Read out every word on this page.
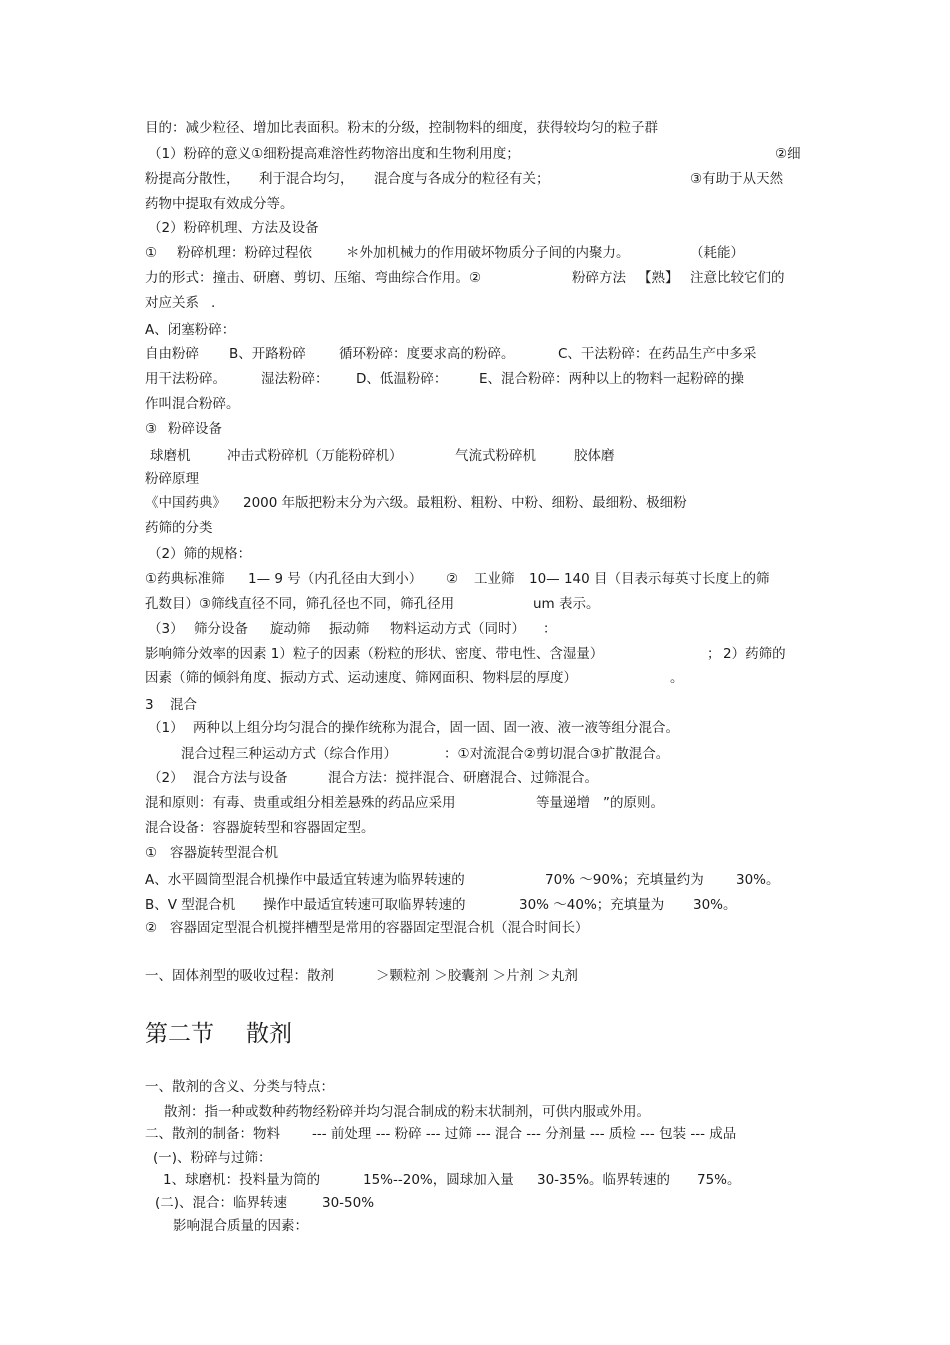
目的：减少粒径、增加比表面积。粉末的分级，控制物料的细度，获得较均匀的粒子群
（1）粉碎的意义①细粉提高难溶性药物溶出度和生物利用度；	②细
粉提高分散性， 利于混合均匀， 混合度与各成分的粒径有关；	③有助于从天然
药物中提取有效成分等。
（2）粉碎机理、方法及设备
① 粉碎机理：粉碎过程依	＊外加机械力的作用破坏物质分子间的内聚力。	（耗能）
力的形式：撞击、研磨、剪切、压缩、弯曲综合作用。②	粉碎方法 【熟】 注意比较它们的
对应关系 .
A、闭塞粉碎：
自由粉碎 B、开路粉碎 循环粉碎：度要求高的粉碎。	C、干法粉碎：在药品生产中多采
用干法粉碎。	湿法粉碎： D、低温粉碎： E、混合粉碎：两种以上的物料一起粉碎的操
作叫混合粉碎。
③ 粉碎设备
球磨机	冲击式粉碎机（万能粉碎机）	气流式粉碎机	胶体磨
粉碎原理
《中国药典》 2000 年版把粉末分为六级。最粗粉、粗粉、中粉、细粉、最细粉、极细粉
药筛的分类
（2）筛的规格：
①药典标准筛 1— 9 号（内孔径由大到小） ② 工业筛 10— 140 目（目表示每英寸长度上的筛
孔数目）③筛线直径不同，筛孔径也不同，筛孔径用	um 表示。
（3） 筛分设备 旋动筛 振动筛 物料运动方式（同时） ：
影响筛分效率的因素 1）粒子的因素（粉粒的形状、密度、带电性、含湿量）	； 2）药筛的
因素（筛的倾斜角度、振动方式、运动速度、筛网面积、物料层的厚度）	。
3 混合
（1） 两种以上组分均匀混合的操作统称为混合，固一固、固一液、液一液等组分混合。
混合过程三种运动方式（综合作用）	：①对流混合②剪切混合③扩散混合。
（2） 混合方法与设备	混合方法：搅拌混合、研磨混合、过筛混合。
混和原则：有毒、贵重或组分相差悬殊的药品应采用	等量递增 ”的原则。
混合设备：容器旋转型和容器固定型。
① 容器旋转型混合机
A、水平圆筒型混合机操作中最适宜转速为临界转速的	70% ～90%；充填量约为 30%。
B、V 型混合机 操作中最适宜转速可取临界转速的	30% ～40%；充填量为 30%。
② 容器固定型混合机搅拌槽型是常用的容器固定型混合机（混合时间长）
一、固体剂型的吸收过程：散剂	＞颗粒剂 ＞胶囊剂 ＞片剂 ＞丸剂
第二节 散剂
一、散剂的含义、分类与特点：
散剂：指一种或数种药物经粉碎并均匀混合制成的粉末状制剂，可供内服或外用。
二、散剂的制备：物料 --- 前处理 --- 粉碎 --- 过筛 --- 混合 --- 分剂量 --- 质检 --- 包装 --- 成品
(一)、粉碎与过筛：
1、球磨机：投料量为筒的	15%--20%，圆球加入量 30-35%。临界转速的 75%。
(二)、混合：临界转速	30-50%
影响混合质量的因素：
